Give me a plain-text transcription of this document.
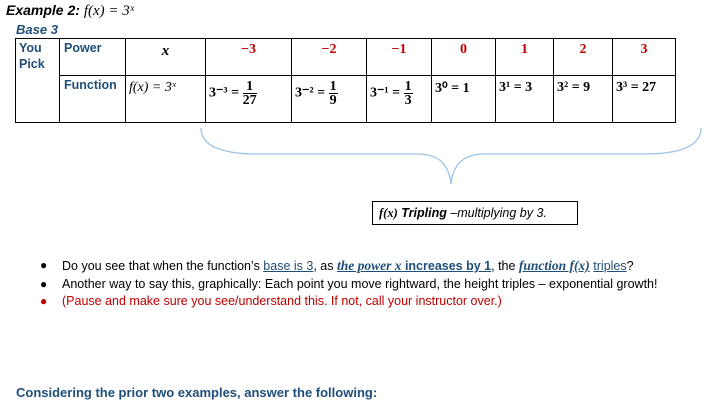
Example 2: f(x) = 3ˣ
Base 3
You Pick	Power	x	−3	−2	−1	0	1	2	3
	Function	f(x) = 3ˣ	$3^{-3} = \frac{1}{27}$	$3^{-2} = \frac{1}{9}$	$3^{-1} = \frac{1}{3}$	3⁰ = 1	3¹ = 3	3² = 9	3³ = 27
f(x) Tripling –multiplying by 3.
● Do you see that when the function’s base is 3, as the power x increases by 1, the function f(x) triples?
● Another way to say this, graphically: Each point you move rightward, the height triples – exponential growth!
● (Pause and make sure you see/understand this. If not, call your instructor over.)
Considering the prior two examples, answer the following:
